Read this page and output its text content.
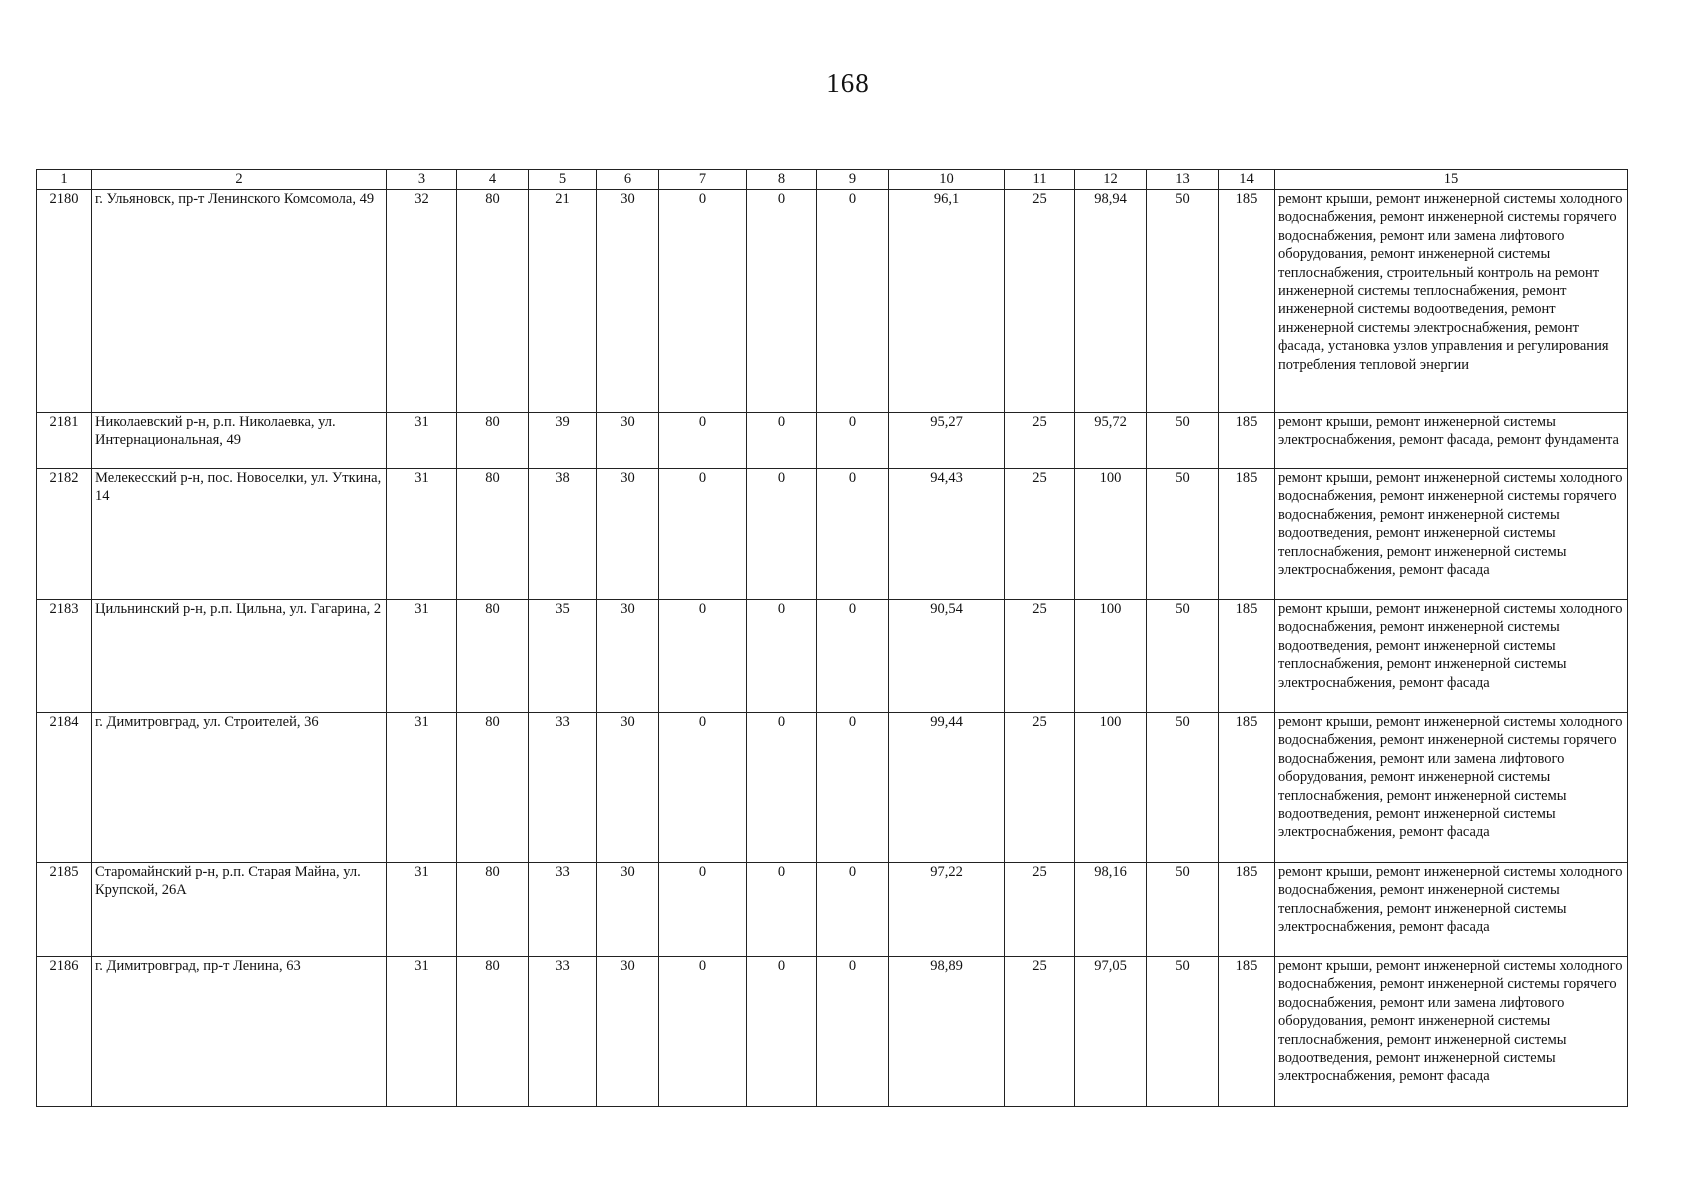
168
1	2	3	4	5	6	7	8	9	10	11	12	13	14	15
2180	г. Ульяновск, пр-т Ленинского Комсомола, 49	32	80	21	30	0	0	0	96,1	25	98,94	50	185	ремонт крыши, ремонт инженерной системы холодного водоснабжения, ремонт инженерной системы горячего водоснабжения, ремонт или замена лифтового оборудования, ремонт инженерной системы теплоснабжения, строительный контроль на ремонт инженерной системы теплоснабжения, ремонт инженерной системы водоотведения, ремонт инженерной системы электроснабжения, ремонт фасада, установка узлов управления и регулирования потребления тепловой энергии
2181	Николаевский р-н, р.п. Николаевка, ул. Интернациональная, 49	31	80	39	30	0	0	0	95,27	25	95,72	50	185	ремонт крыши, ремонт инженерной системы электроснабжения, ремонт фасада, ремонт фундамента
2182	Мелекесский р-н, пос. Новоселки, ул. Уткина, 14	31	80	38	30	0	0	0	94,43	25	100	50	185	ремонт крыши, ремонт инженерной системы холодного водоснабжения, ремонт инженерной системы горячего водоснабжения, ремонт инженерной системы водоотведения, ремонт инженерной системы теплоснабжения, ремонт инженерной системы электроснабжения, ремонт фасада
2183	Цильнинский р-н, р.п. Цильна, ул. Гагарина, 2	31	80	35	30	0	0	0	90,54	25	100	50	185	ремонт крыши, ремонт инженерной системы холодного водоснабжения, ремонт инженерной системы водоотведения, ремонт инженерной системы теплоснабжения, ремонт инженерной системы электроснабжения, ремонт фасада
2184	г. Димитровград, ул. Строителей, 36	31	80	33	30	0	0	0	99,44	25	100	50	185	ремонт крыши, ремонт инженерной системы холодного водоснабжения, ремонт инженерной системы горячего водоснабжения, ремонт или замена лифтового оборудования, ремонт инженерной системы теплоснабжения, ремонт инженерной системы водоотведения, ремонт инженерной системы электроснабжения, ремонт фасада
2185	Старомайнский р-н, р.п. Старая Майна, ул. Крупской, 26А	31	80	33	30	0	0	0	97,22	25	98,16	50	185	ремонт крыши, ремонт инженерной системы холодного водоснабжения, ремонт инженерной системы теплоснабжения, ремонт инженерной системы электроснабжения, ремонт фасада
2186	г. Димитровград, пр-т Ленина, 63	31	80	33	30	0	0	0	98,89	25	97,05	50	185	ремонт крыши, ремонт инженерной системы холодного водоснабжения, ремонт инженерной системы горячего водоснабжения, ремонт или замена лифтового оборудования, ремонт инженерной системы теплоснабжения, ремонт инженерной системы водоотведения, ремонт инженерной системы электроснабжения, ремонт фасада
